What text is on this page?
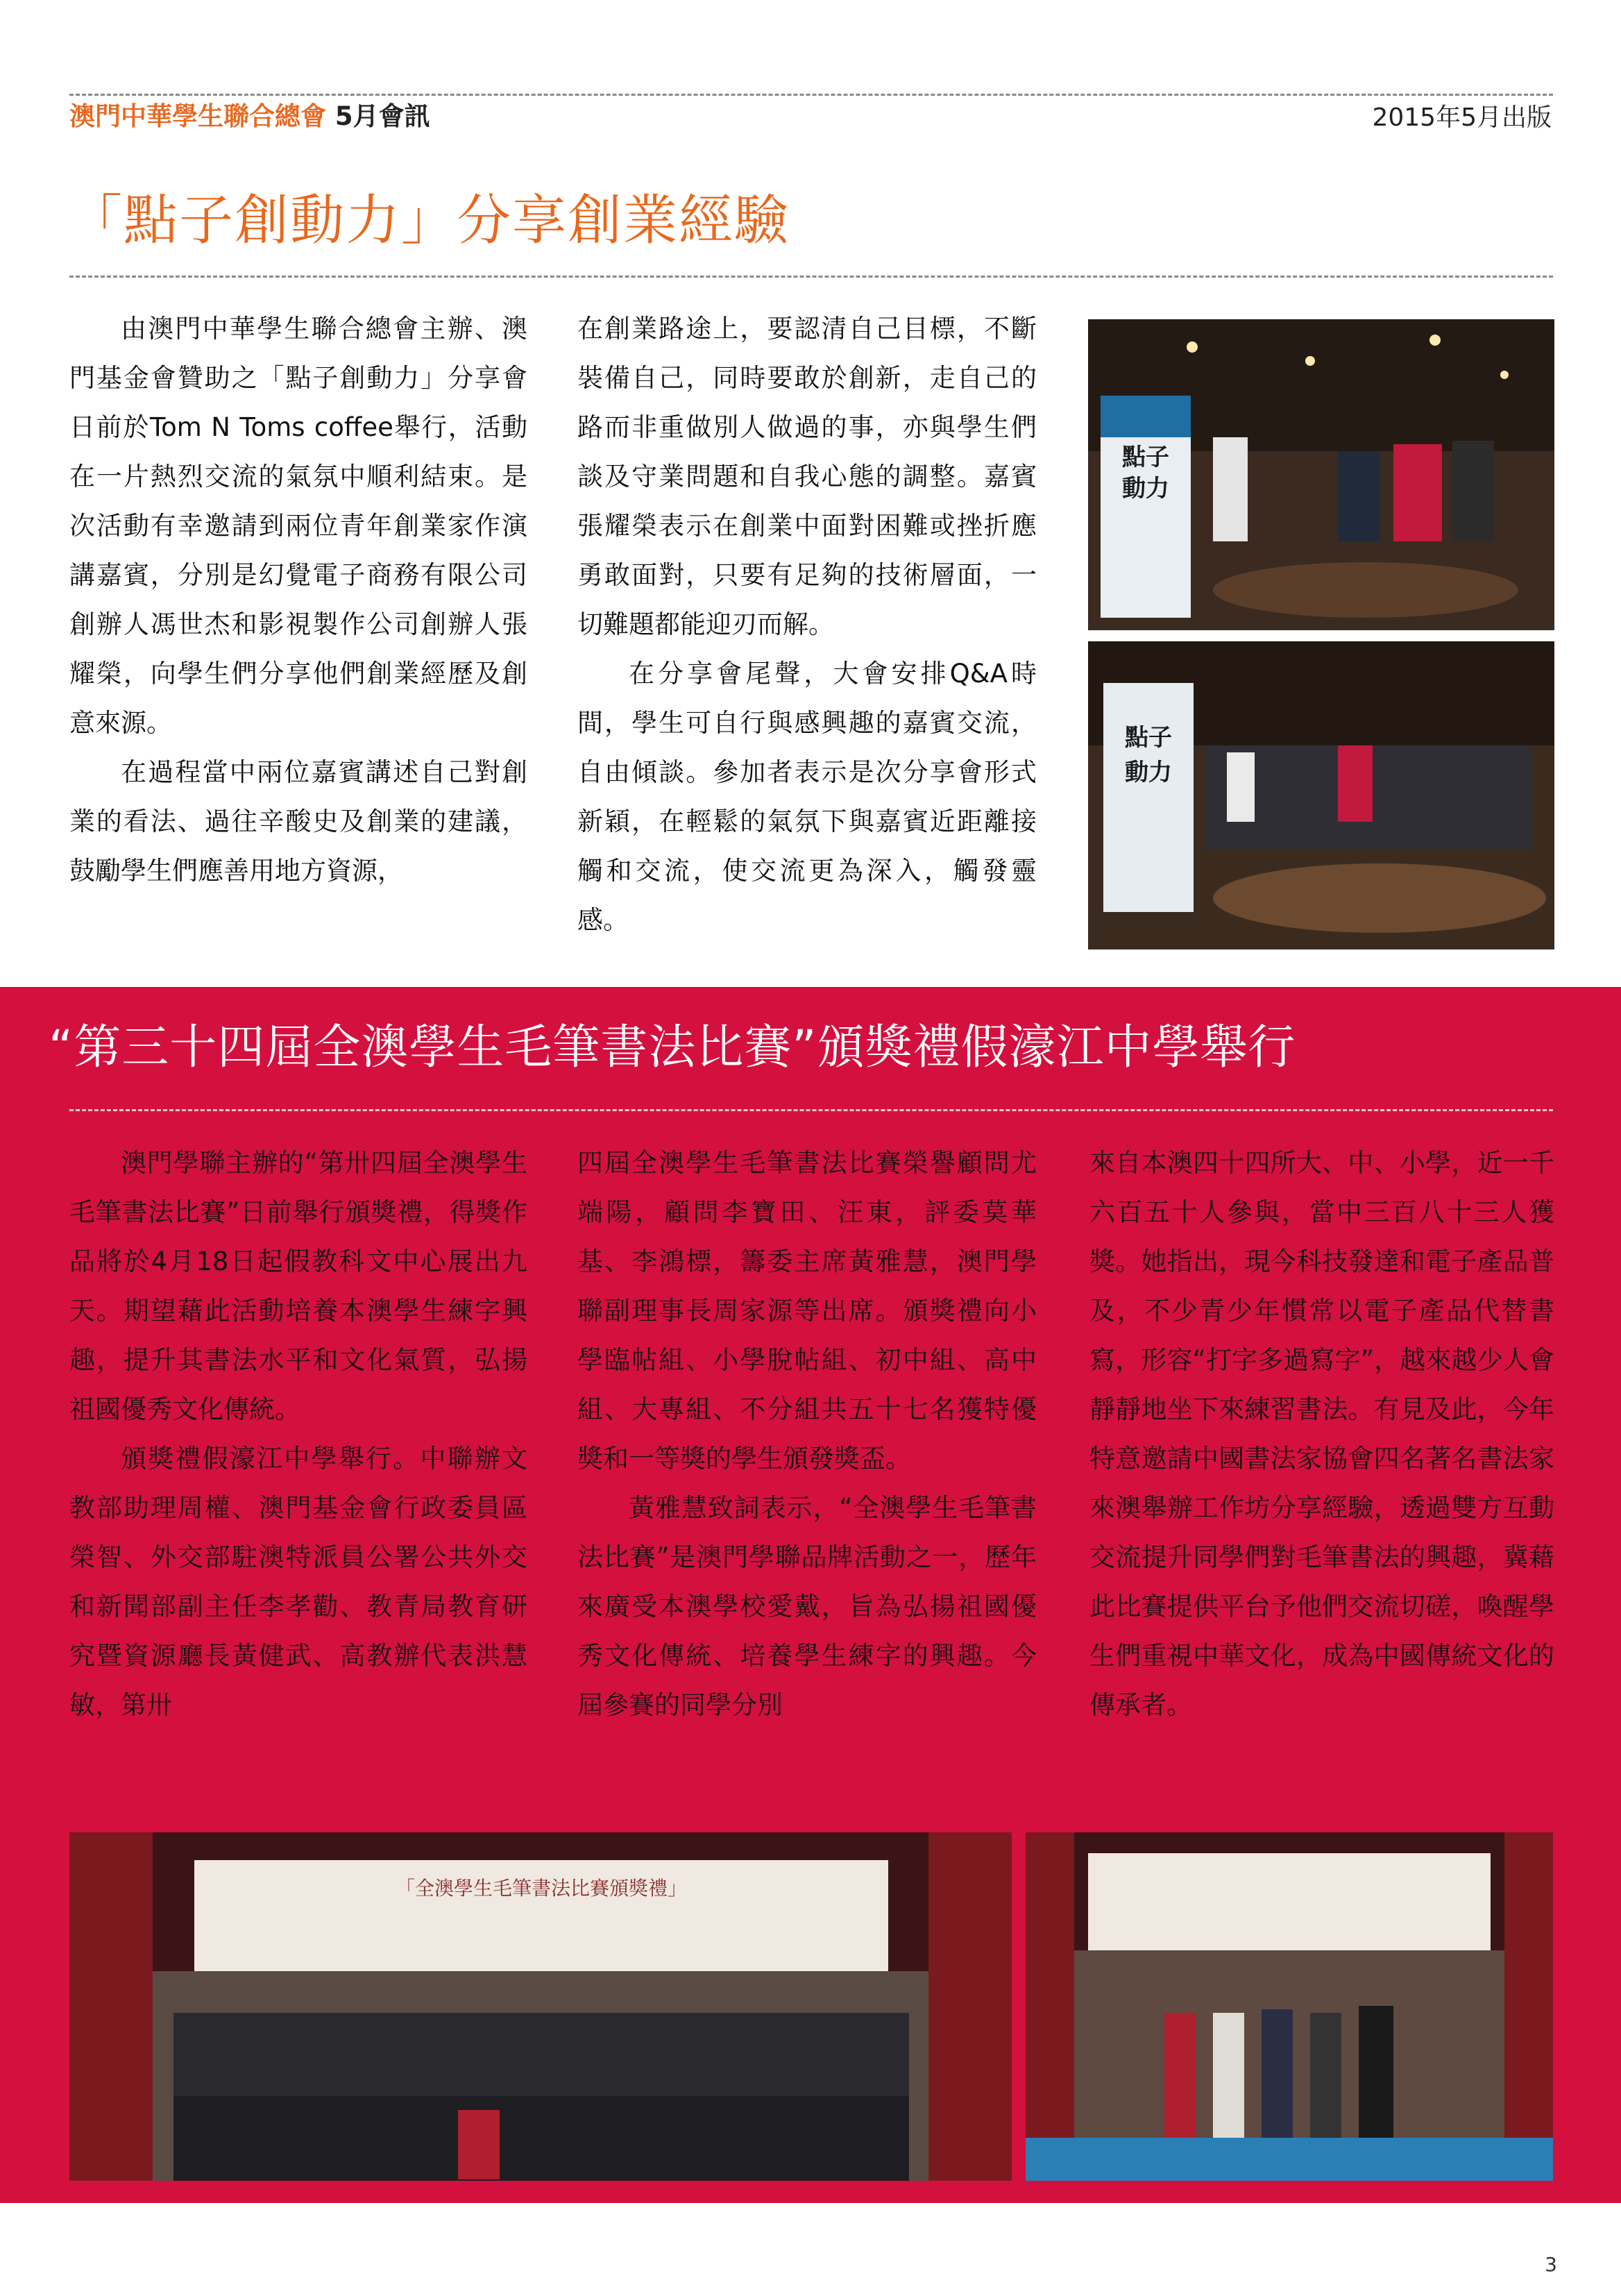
澳門中華學生聯合總會 5月會訊	2015年5月出版
「點子創動力」分享創業經驗

由澳門中華學生聯合總會主辦、澳門基金會贊助之「點子創動力」分享會日前於Tom N Toms coffee舉行，活動在一片熱烈交流的氣氛中順利結束。是次活動有幸邀請到兩位青年創業家作演講嘉賓，分別是幻覺電子商務有限公司創辦人馮世杰和影視製作公司創辦人張耀榮，向學生們分享他們創業經歷及創意來源。

在過程當中兩位嘉賓講述自己對創業的看法、過往辛酸史及創業的建議，鼓勵學生們應善用地方資源，

在創業路途上，要認清自己目標，不斷裝備自己，同時要敢於創新，走自己的路而非重做別人做過的事，亦與學生們談及守業問題和自我心態的調整。嘉賓張耀榮表示在創業中面對困難或挫折應勇敢面對，只要有足夠的技術層面，一切難題都能迎刃而解。

在分享會尾聲，大會安排Q&A時間，學生可自行與感興趣的嘉賓交流，自由傾談。參加者表示是次分享會形式新穎，在輕鬆的氣氛下與嘉賓近距離接觸和交流，使交流更為深入，觸發靈感。

點子
動力
點子
動力
“第三十四屆全澳學生毛筆書法比賽”頒獎禮假濠江中學舉行

澳門學聯主辦的“第卅四屆全澳學生毛筆書法比賽”日前舉行頒獎禮，得獎作品將於4月18日起假教科文中心展出九天。期望藉此活動培養本澳學生練字興趣，提升其書法水平和文化氣質，弘揚祖國優秀文化傳統。

頒獎禮假濠江中學舉行。中聯辦文教部助理周權、澳門基金會行政委員區榮智、外交部駐澳特派員公署公共外交和新聞部副主任李孝勸、教青局教育研究暨資源廳長黃健武、高教辦代表洪慧敏，第卅

四屆全澳學生毛筆書法比賽榮譽顧問尤端陽，顧問李寶田、汪東，評委莫華基、李鴻標，籌委主席黃雅慧，澳門學聯副理事長周家源等出席。頒獎禮向小學臨帖組、小學脫帖組、初中組、高中組、大專組、不分組共五十七名獲特優獎和一等獎的學生頒發獎盃。

黃雅慧致詞表示，“全澳學生毛筆書法比賽”是澳門學聯品牌活動之一，歷年來廣受本澳學校愛戴，旨為弘揚祖國優秀文化傳統、培養學生練字的興趣。今屆參賽的同學分別

來自本澳四十四所大、中、小學，近一千六百五十人參與，當中三百八十三人獲獎。她指出，現今科技發達和電子產品普及，不少青少年慣常以電子產品代替書寫，形容“打字多過寫字”，越來越少人會靜靜地坐下來練習書法。有見及此，今年特意邀請中國書法家協會四名著名書法家來澳舉辦工作坊分享經驗，透過雙方互動交流提升同學們對毛筆書法的興趣，冀藉此比賽提供平台予他們交流切磋，喚醒學生們重視中華文化，成為中國傳統文化的傳承者。

「全澳學生毛筆書法比賽頒獎禮」
3
